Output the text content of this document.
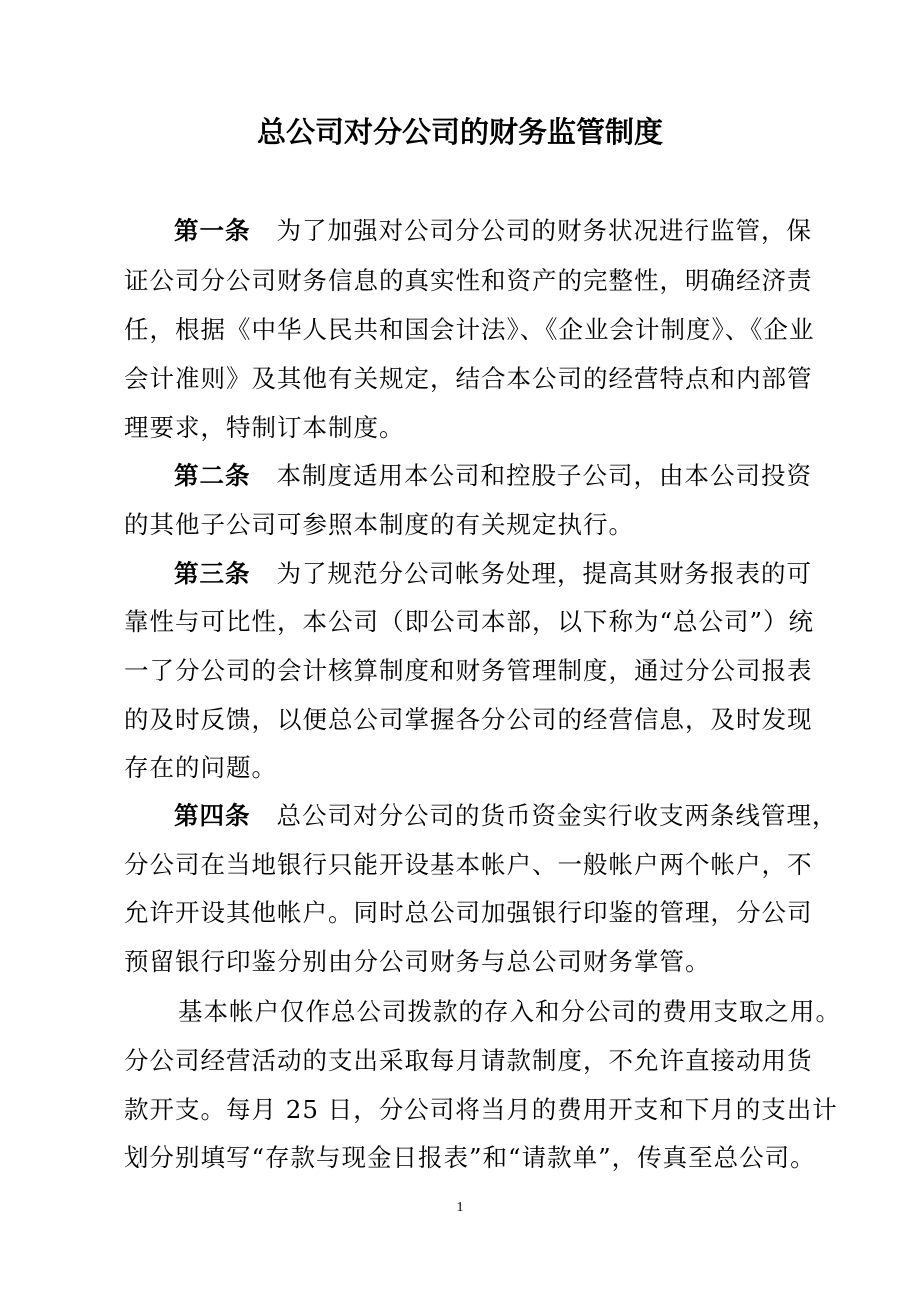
总公司对分公司的财务监管制度
第一条 为了加强对公司分公司的财务状况进行监管，保
证公司分公司财务信息的真实性和资产的完整性，明确经济责
任，根据《中华人民共和国会计法》、《企业会计制度》、《企业
会计准则》及其他有关规定，结合本公司的经营特点和内部管
理要求，特制订本制度。
第二条 本制度适用本公司和控股子公司，由本公司投资
的其他子公司可参照本制度的有关规定执行。
第三条 为了规范分公司帐务处理，提高其财务报表的可
靠性与可比性，本公司（即公司本部，以下称为“总公司”）统
一了分公司的会计核算制度和财务管理制度，通过分公司报表
的及时反馈，以便总公司掌握各分公司的经营信息，及时发现
存在的问题。
第四条 总公司对分公司的货币资金实行收支两条线管理，
分公司在当地银行只能开设基本帐户、一般帐户两个帐户，不
允许开设其他帐户。同时总公司加强银行印鉴的管理，分公司
预留银行印鉴分别由分公司财务与总公司财务掌管。
基本帐户仅作总公司拨款的存入和分公司的费用支取之用。
分公司经营活动的支出采取每月请款制度，不允许直接动用货
款开支。每月 25 日，分公司将当月的费用开支和下月的支出计
划分别填写“存款与现金日报表”和“请款单”，传真至总公司。
1
